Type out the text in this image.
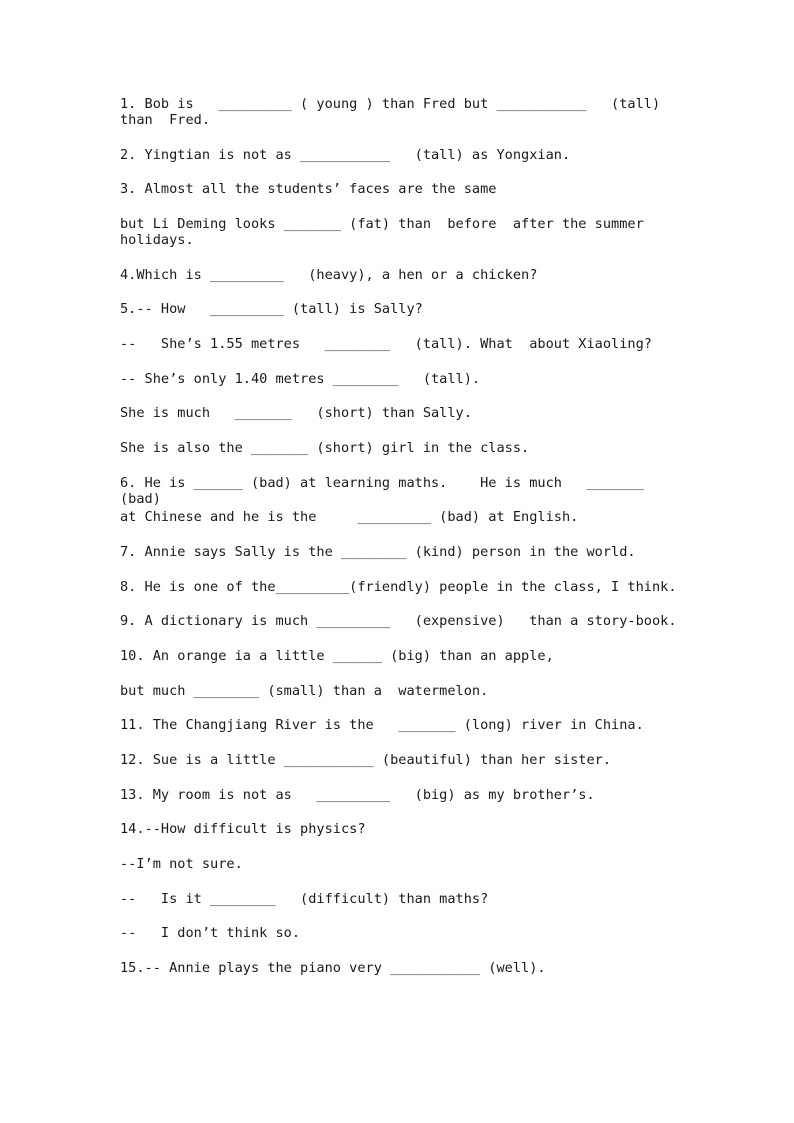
1. Bob is   _________ ( young ) than Fred but ___________   (tall)
than  Fred.

2. Yingtian is not as ___________   (tall) as Yongxian.

3. Almost all the students’ faces are the same

but Li Deming looks _______ (fat) than  before  after the summer
holidays.

4.Which is _________   (heavy), a hen or a chicken?

5.-- How   _________ (tall) is Sally?

--   She’s 1.55 metres   ________   (tall). What  about Xiaoling?

-- She’s only 1.40 metres ________   (tall).

She is much   _______   (short) than Sally.

She is also the _______ (short) girl in the class.

6. He is ______ (bad) at learning maths.    He is much   _______ (bad)

at Chinese and he is the     _________ (bad) at English.

7. Annie says Sally is the ________ (kind) person in the world.

8. He is one of the_________(friendly) people in the class, I think.

9. A dictionary is much _________   (expensive)   than a story-book.

10. An orange ia a little ______ (big) than an apple,

but much ________ (small) than a  watermelon.

11. The Changjiang River is the   _______ (long) river in China.

12. Sue is a little ___________ (beautiful) than her sister.

13. My room is not as   _________   (big) as my brother’s.

14.--How difficult is physics?

--I’m not sure.

--   Is it ________   (difficult) than maths?

--   I don’t think so.

15.-- Annie plays the piano very ___________ (well).
